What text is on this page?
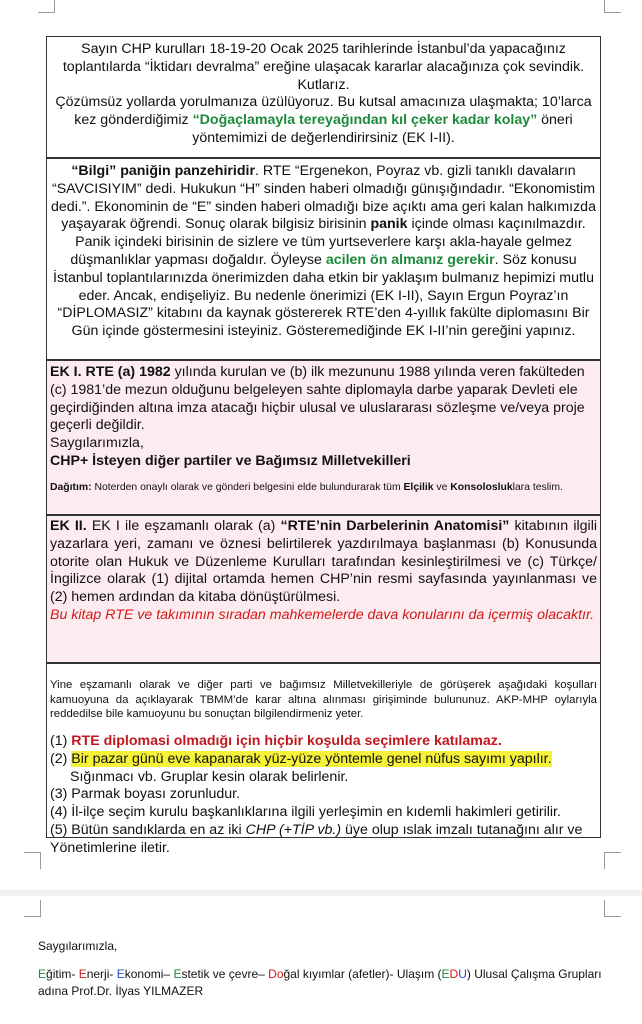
Sayın CHP kurulları 18-19-20 Ocak 2025 tarihlerinde İstanbul’da yapacağınız toplantılarda “İktidarı devralma” ereğine ulaşacak kararlar alacağınıza çok sevindik. Kutlarız.

Çözümsüz yollarda yorulmanıza üzülüyoruz. Bu kutsal amacınıza ulaşmakta; 10’larca kez gönderdiğimiz “Doğaçlamayla tereyağından kıl çeker kadar kolay” öneri yöntemimizi de değerlendirirsiniz (EK I-II).

“Bilgi” paniğin panzehiridir. RTE “Ergenekon, Poyraz vb. gizli tanıklı davaların “SAVCISIYIM” dedi. Hukukun “H” sinden haberi olmadığı günışığındadır. “Ekonomistim dedi.”. Ekonominin de “E” sinden haberi olmadığı bize açıktı ama geri kalan halkımızda yaşayarak öğrendi. Sonuç olarak bilgisiz birisinin panik içinde olması kaçınılmazdır.

Panik içindeki birisinin de sizlere ve tüm yurtseverlere karşı akla-hayale gelmez düşmanlıklar yapması doğaldır. Öyleyse acilen ön almanız gerekir. Söz konusu İstanbul toplantılarınızda önerimizden daha etkin bir yaklaşım bulmanız hepimizi mutlu eder. Ancak, endişeliyiz. Bu nedenle önerimizi (EK I-II), Sayın Ergun Poyraz’ın “DİPLOMASIZ” kitabını da kaynak göstererek RTE’den 4-yıllık fakülte diplomasını Bir Gün içinde göstermesini isteyiniz. Gösteremediğinde EK I-II’nin gereğini yapınız.

EK I. RTE (a) 1982 yılında kurulan ve (b) ilk mezununu 1988 yılında veren fakülteden (c) 1981’de mezun olduğunu belgeleyen sahte diplomayla darbe yaparak Devleti ele geçirdiğinden altına imza atacağı hiçbir ulusal ve uluslararası sözleşme ve/veya proje geçerli değildir.

Saygılarımızla,

CHP+ İsteyen diğer partiler ve Bağımsız Milletvekilleri

Dağıtım: Noterden onaylı olarak ve gönderi belgesini elde bulundurarak tüm Elçilik ve Konsolosluklara teslim.

EK II. EK I ile eşzamanlı olarak (a) “RTE’nin Darbelerinin Anatomisi” kitabının ilgili yazarlara yeri, zamanı ve öznesi belirtilerek yazdırılmaya başlanması (b) Konusunda otorite olan Hukuk ve Düzenleme Kurulları tarafından kesinleştirilmesi ve (c) Türkçe/İngilizce olarak (1) dijital ortamda hemen CHP’nin resmi sayfasında yayınlanması ve (2) hemen ardından da kitaba dönüştürülmesi.

Bu kitap RTE ve takımının sıradan mahkemelerde dava konularını da içermiş olacaktır.

Yine eşzamanlı olarak ve diğer parti ve bağımsız Milletvekilleriyle de görüşerek aşağıdaki koşulları kamuoyuna da açıklayarak TBMM’de karar altına alınması girişiminde bulununuz. AKP-MHP oylarıyla reddedilse bile kamuoyunu bu sonuçtan bilgilendirmeniz yeter.

(1) RTE diplomasi olmadığı için hiçbir koşulda seçimlere katılamaz.

(2) Bir pazar günü eve kapanarak yüz-yüze yöntemle genel nüfus sayımı yapılır.

Sığınmacı vb. Gruplar kesin olarak belirlenir.

(3) Parmak boyası zorunludur.

(4) İl-ilçe seçim kurulu başkanlıklarına ilgili yerleşimin en kıdemli hakimleri getirilir.

(5) Bütün sandıklarda en az iki CHP (+TİP vb.) üye olup ıslak imzalı tutanağını alır ve Yönetimlerine iletir.

Saygılarımızla,
Eğitim- Enerji- Ekonomi– Estetik ve çevre– Doğal kıyımlar (afetler)- Ulaşım (EDU) Ulusal Çalışma Grupları adına Prof.Dr. İlyas YILMAZER
